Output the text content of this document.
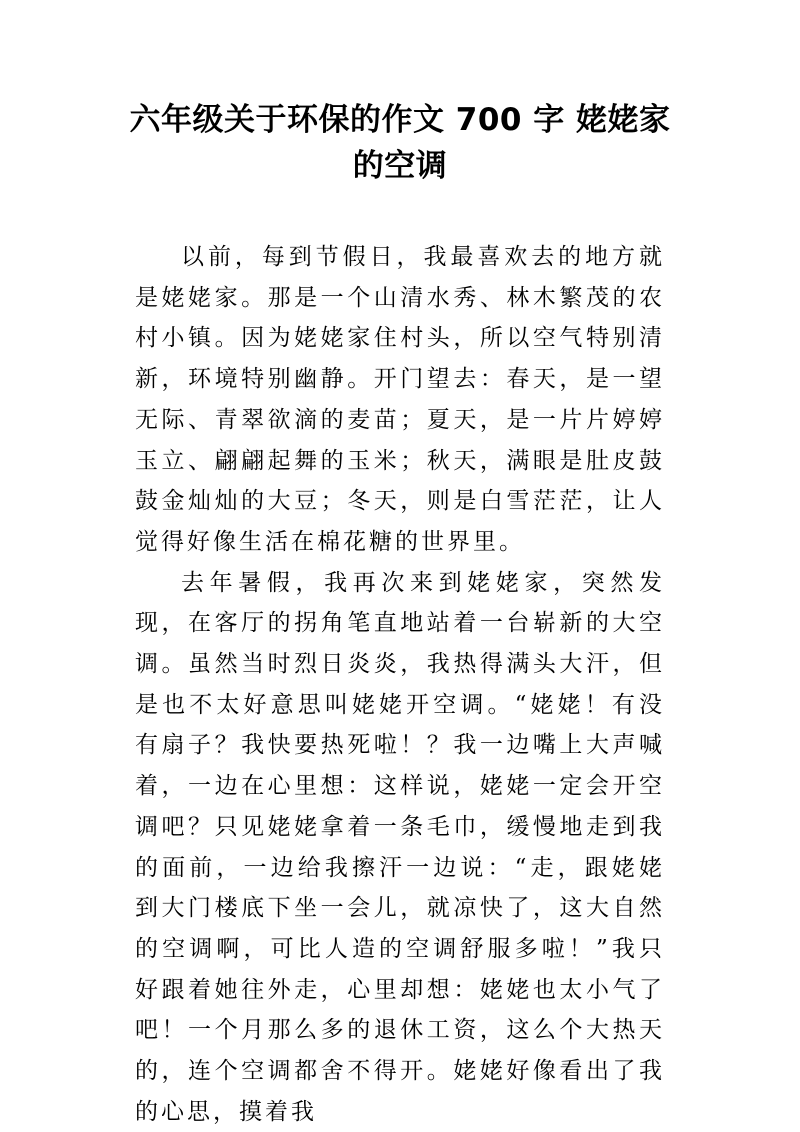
六年级关于环保的作文 700 字 姥姥家的空调

以前，每到节假日，我最喜欢去的地方就是姥姥家。那是一个山清水秀、林木繁茂的农村小镇。因为姥姥家住村头，所以空气特别清新，环境特别幽静。开门望去：春天，是一望无际、青翠欲滴的麦苗；夏天，是一片片婷婷玉立、翩翩起舞的玉米；秋天，满眼是肚皮鼓鼓金灿灿的大豆；冬天，则是白雪茫茫，让人觉得好像生活在棉花糖的世界里。

去年暑假，我再次来到姥姥家，突然发现，在客厅的拐角笔直地站着一台崭新的大空调。虽然当时烈日炎炎，我热得满头大汗，但是也不太好意思叫姥姥开空调。“姥姥！有没有扇子？我快要热死啦！？我一边嘴上大声喊着，一边在心里想：这样说，姥姥一定会开空调吧？只见姥姥拿着一条毛巾，缓慢地走到我的面前，一边给我擦汗一边说：“走，跟姥姥到大门楼底下坐一会儿，就凉快了，这大自然的空调啊，可比人造的空调舒服多啦！”我只好跟着她往外走，心里却想：姥姥也太小气了吧！一个月那么多的退休工资，这么个大热天的，连个空调都舍不得开。姥姥好像看出了我的心思，摸着我
